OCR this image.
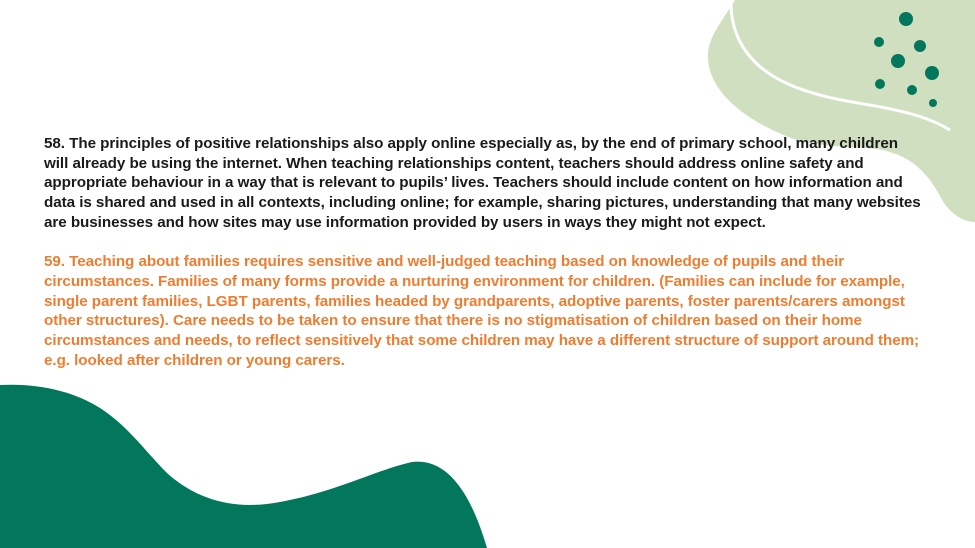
58. The principles of positive relationships also apply online especially as, by the end of primary school, many children will already be using the internet. When teaching relationships content, teachers should address online safety and appropriate behaviour in a way that is relevant to pupils’ lives. Teachers should include content on how information and data is shared and used in all contexts, including online; for example, sharing pictures, understanding that many websites are businesses and how sites may use information provided by users in ways they might not expect.

59. Teaching about families requires sensitive and well-judged teaching based on knowledge of pupils and their circumstances. Families of many forms provide a nurturing environment for children. (Families can include for example, single parent families, LGBT parents, families headed by grandparents, adoptive parents, foster parents/carers amongst other structures). Care needs to be taken to ensure that there is no stigmatisation of children based on their home circumstances and needs, to reflect sensitively that some children may have a different structure of support around them; e.g. looked after children or young carers.
